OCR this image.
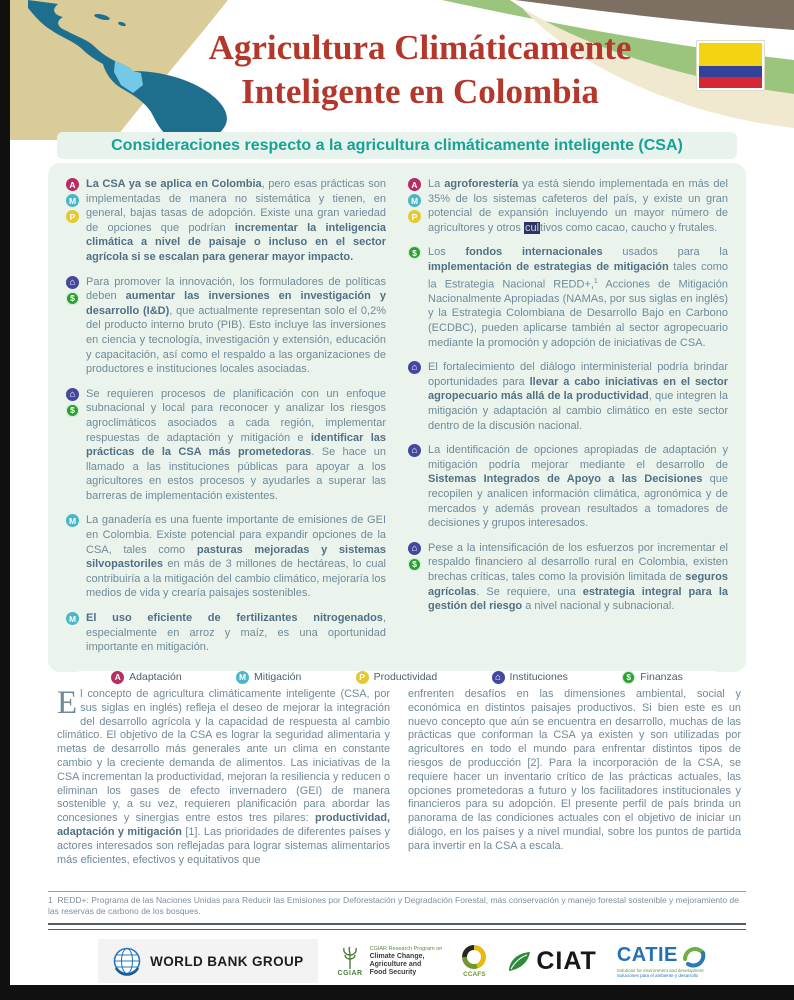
Agricultura Climáticamente
Inteligente en Colombia
Consideraciones respecto a la agricultura climáticamente inteligente (CSA)
A
M
P

La CSA ya se aplica en Colombia, pero esas prácticas son implementadas de manera no sistemática y tienen, en general, bajas tasas de adopción. Existe una gran variedad de opciones que podrían incrementar la inteligencia climática a nivel de paisaje o incluso en el sector agrícola si se escalan para generar mayor impacto.

⌂
$

Para promover la innovación, los formuladores de políticas deben aumentar las inversiones en investigación y desarrollo (I&D), que actualmente representan solo el 0,2% del producto interno bruto (PIB). Esto incluye las inversiones en ciencia y tecnología, investigación y extensión, educación y capacitación, así como el respaldo a las organizaciones de productores e instituciones locales asociadas.

⌂
$

Se requieren procesos de planificación con un enfoque subnacional y local para reconocer y analizar los riesgos agroclimáticos asociados a cada región, implementar respuestas de adaptación y mitigación e identificar las prácticas de la CSA más prometedoras. Se hace un llamado a las instituciones públicas para apoyar a los agricultores en estos procesos y ayudarles a superar las barreras de implementación existentes.

M La ganadería es una fuente importante de emisiones de GEI en Colombia. Existe potencial para expandir opciones de la CSA, tales como pasturas mejoradas y sistemas silvopastoriles en más de 3 millones de hectáreas, lo cual contribuiría a la mitigación del cambio climático, mejoraría los medios de vida y crearía paisajes sostenibles.

M El uso eficiente de fertilizantes nitrogenados, especialmente en arroz y maíz, es una oportunidad importante en mitigación.

A
M
P

La agroforestería ya está siendo implementada en más del 35% de los sistemas cafeteros del país, y existe un gran potencial de expansión incluyendo un mayor número de agricultores y otros cultivos como cacao, caucho y frutales.

$	Los fondos internacionales usados para la implementación de estrategias de mitigación tales como la Estrategia Nacional REDD+,$^1$ Acciones de Mitigación Nacionalmente Apropiadas (NAMAs, por sus siglas en inglés) y la Estrategia Colombiana de Desarrollo Bajo en Carbono (ECDBC), pueden aplicarse también al sector agropecuario mediante la promoción y adopción de iniciativas de CSA.

⌂ El fortalecimiento del diálogo interministerial podría brindar oportunidades para llevar a cabo iniciativas en el sector agropecuario más allá de la productividad, que integren la mitigación y adaptación al cambio climático en este sector dentro de la discusión nacional.

⌂ La identificación de opciones apropiadas de adaptación y mitigación podría mejorar mediante el desarrollo de Sistemas Integrados de Apoyo a las Decisiones que recopilen y analicen información climática, agronómica y de mercados y además provean resultados a tomadores de decisiones y grupos interesados.

⌂
$

Pese a la intensificación de los esfuerzos por incrementar el respaldo financiero al desarrollo rural en Colombia, existen brechas críticas, tales como la provisión limitada de seguros agrícolas. Se requiere, una estrategia integral para la gestión del riesgo a nivel nacional y subnacional.

A Adaptación	M Mitigación	P Productividad	⌂ Instituciones	$ Finanzas
El concepto de agricultura climáticamente inteligente (CSA, por sus siglas en inglés) refleja el deseo de mejorar la integración del desarrollo agrícola y la capacidad de respuesta al cambio climático. El objetivo de la CSA es lograr la seguridad alimentaria y metas de desarrollo más generales ante un clima en constante cambio y la creciente demanda de alimentos. Las iniciativas de la CSA incrementan la productividad, mejoran la resiliencia y reducen o eliminan los gases de efecto invernadero (GEI) de manera sostenible y, a su vez, requieren planificación para abordar las concesiones y sinergias entre estos tres pilares: productividad, adaptación y mitigación [1]. Las prioridades de diferentes países y actores interesados son reflejadas para lograr sistemas alimentarios más eficientes, efectivos y equitativos que
enfrenten desafíos en las dimensiones ambiental, social y económica en distintos paisajes productivos. Si bien este es un nuevo concepto que aún se encuentra en desarrollo, muchas de las prácticas que conforman la CSA ya existen y son utilizadas por agricultores en todo el mundo para enfrentar distintos tipos de riesgos de producción [2]. Para la incorporación de la CSA, se requiere hacer un inventario crítico de las prácticas actuales, las opciones prometedoras a futuro y los facilitadores institucionales y financieros para su adopción. El presente perfil de país brinda un panorama de las condiciones actuales con el objetivo de iniciar un diálogo, en los países y a nivel mundial, sobre los puntos de partida para invertir en la CSA a escala.
1 REDD+: Programa de las Naciones Unidas para Reducir las Emisiones por Deforestación y Degradación Forestal, más conservación y manejo forestal sostenible y mejoramiento de las reservas de carbono de los bosques.
WORLD BANK GROUP
CGIAR
CGIAR Research Program on
Climate Change,
Agriculture and
Food Security	CCAFS CIAT CATIE
Solutions for environment and development
Soluciones para el ambiente y desarrollo
